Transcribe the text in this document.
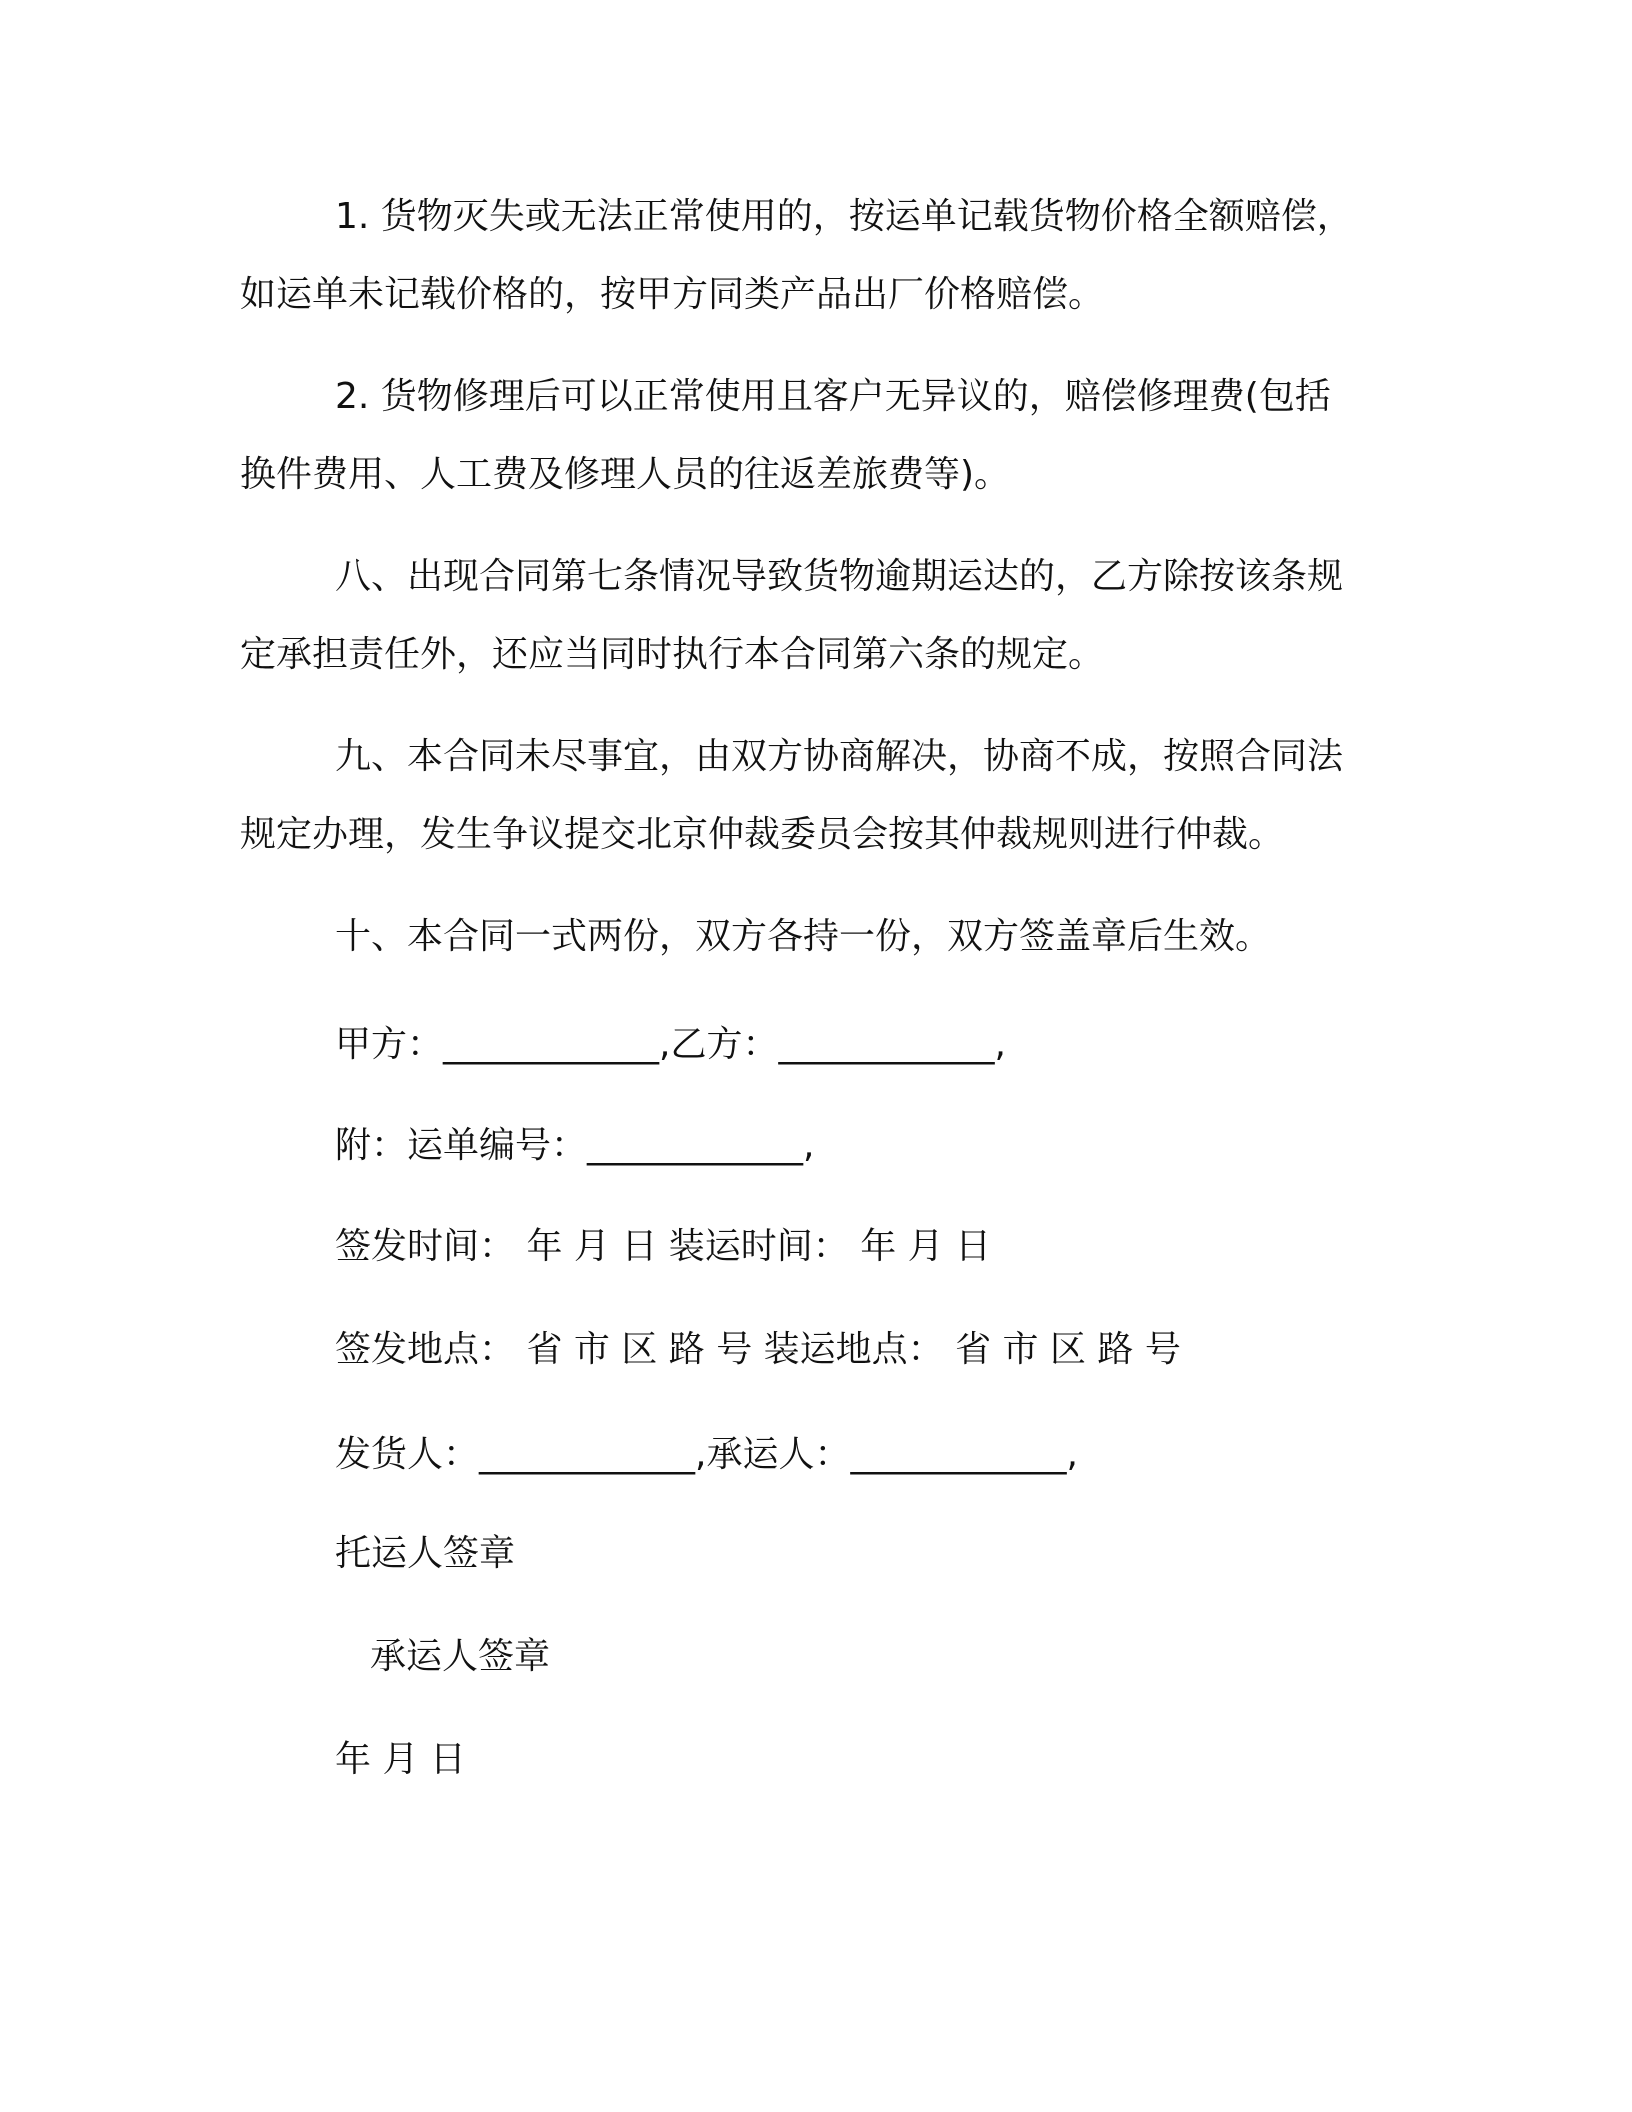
1. 货物灭失或无法正常使用的，按运单记载货物价格全额赔偿，

如运单未记载价格的，按甲方同类产品出厂价格赔偿。

2. 货物修理后可以正常使用且客户无异议的，赔偿修理费(包括

换件费用、人工费及修理人员的往返差旅费等)。

八、出现合同第七条情况导致货物逾期运达的，乙方除按该条规

定承担责任外，还应当同时执行本合同第六条的规定。

九、本合同未尽事宜，由双方协商解决，协商不成，按照合同法

规定办理，发生争议提交北京仲裁委员会按其仲裁规则进行仲裁。

十、本合同一式两份，双方各持一份，双方签盖章后生效。

甲方：____________,乙方：____________,

附：运单编号：____________,

签发时间： 年 月 日 装运时间： 年 月 日

签发地点： 省 市 区 路 号 装运地点： 省 市 区 路 号

发货人：____________,承运人：____________,

托运人签章

承运人签章

年 月 日
